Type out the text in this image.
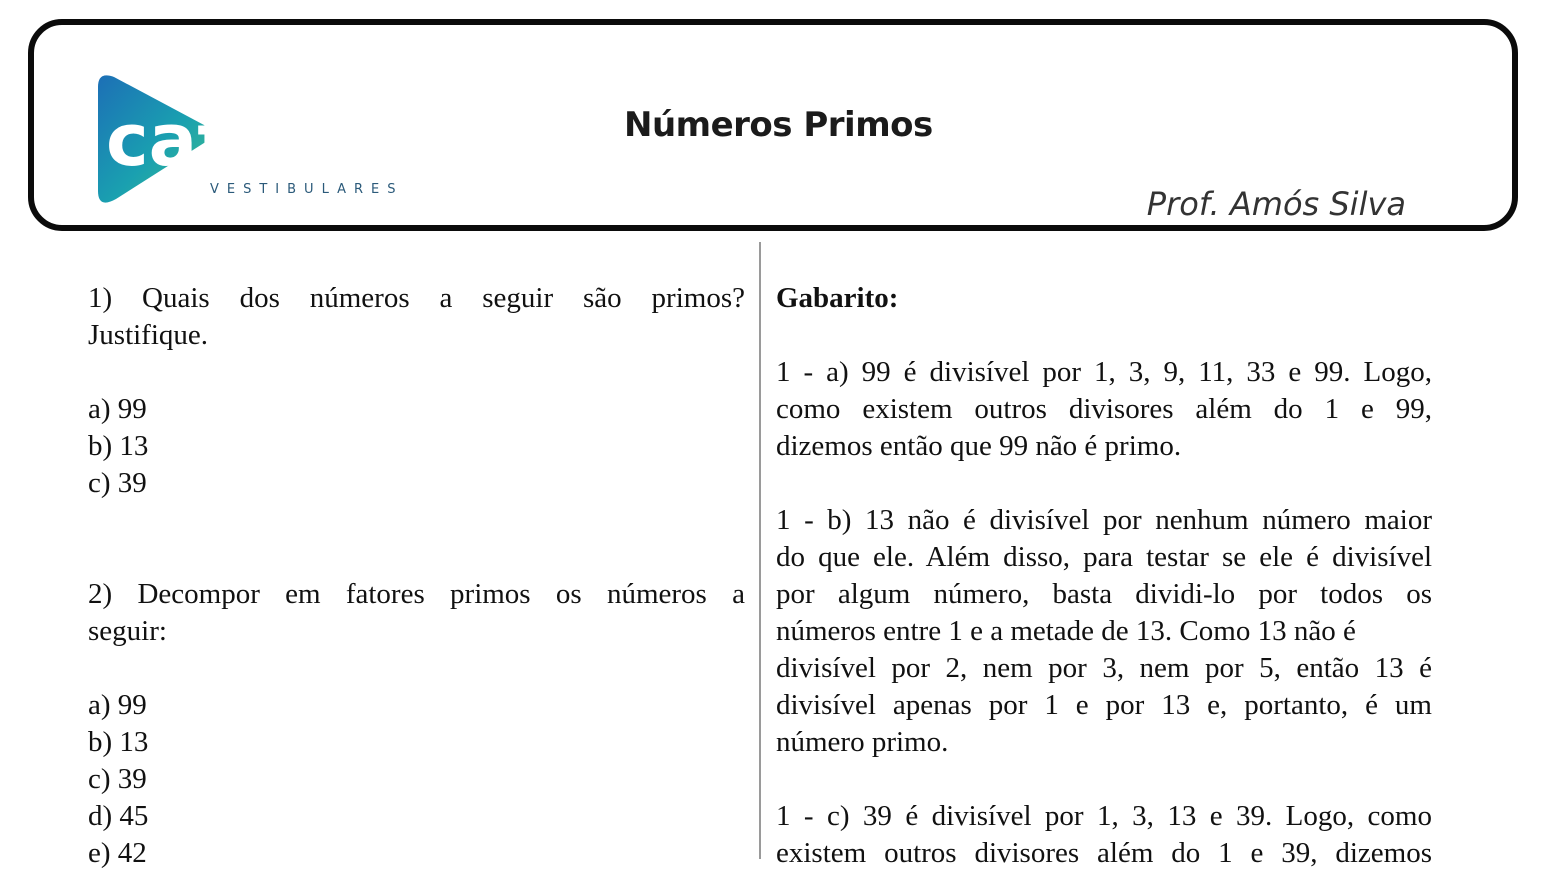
catálise
VESTIBULARES
Números Primos
Prof. Amós Silva

1) Quais dos números a seguir são primos?

Justifique.

a) 99

b) 13

c) 39

2) Decompor em fatores primos os números a

seguir:

a) 99

b) 13

c) 39

d) 45

e) 42

Gabarito:

1 - a) 99 é divisível por 1, 3, 9, 11, 33 e 99. Logo,

como existem outros divisores além do 1 e 99,

dizemos então que 99 não é primo.

1 - b) 13 não é divisível por nenhum número maior

do que ele. Além disso, para testar se ele é divisível

por algum número, basta dividi-lo por todos os

números entre 1 e a metade de 13. Como 13 não é

divisível por 2, nem por 3, nem por 5, então 13 é

divisível apenas por 1 e por 13 e, portanto, é um

número primo.

1 - c) 39 é divisível por 1, 3, 13 e 39. Logo, como

existem outros divisores além do 1 e 39, dizemos
